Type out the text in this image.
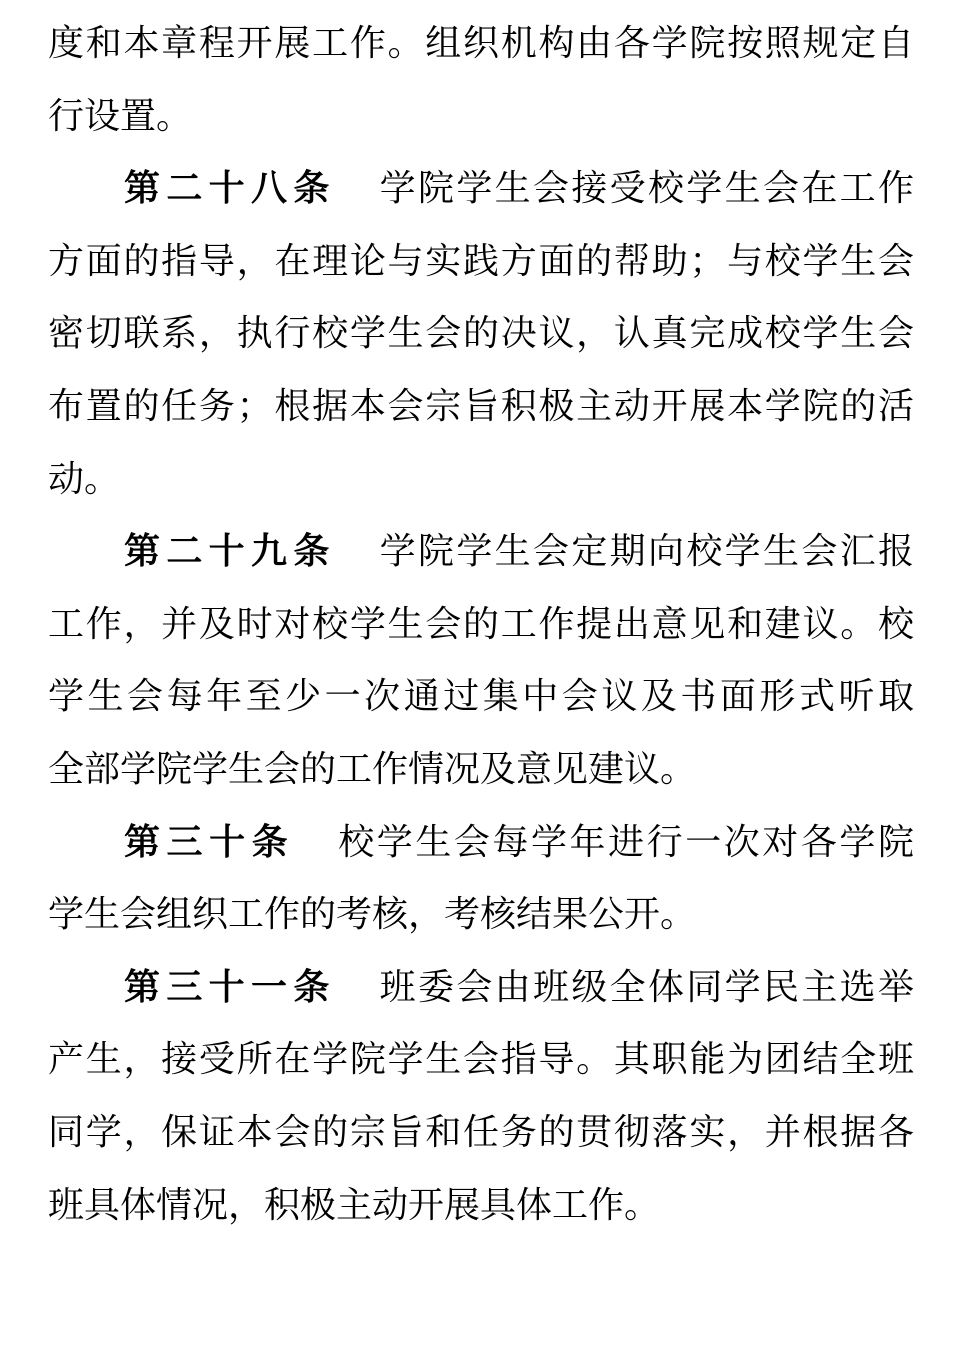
度和本章程开展工作。组织机构由各学院按照规定自
行设置。
第二十八条 学院学生会接受校学生会在工作
方面的指导，在理论与实践方面的帮助；与校学生会
密切联系，执行校学生会的决议，认真完成校学生会
布置的任务；根据本会宗旨积极主动开展本学院的活
动。
第二十九条 学院学生会定期向校学生会汇报
工作，并及时对校学生会的工作提出意见和建议。校
学生会每年至少一次通过集中会议及书面形式听取
全部学院学生会的工作情况及意见建议。
第三十条 校学生会每学年进行一次对各学院
学生会组织工作的考核，考核结果公开。
第三十一条 班委会由班级全体同学民主选举
产生，接受所在学院学生会指导。其职能为团结全班
同学，保证本会的宗旨和任务的贯彻落实，并根据各
班具体情况，积极主动开展具体工作。
